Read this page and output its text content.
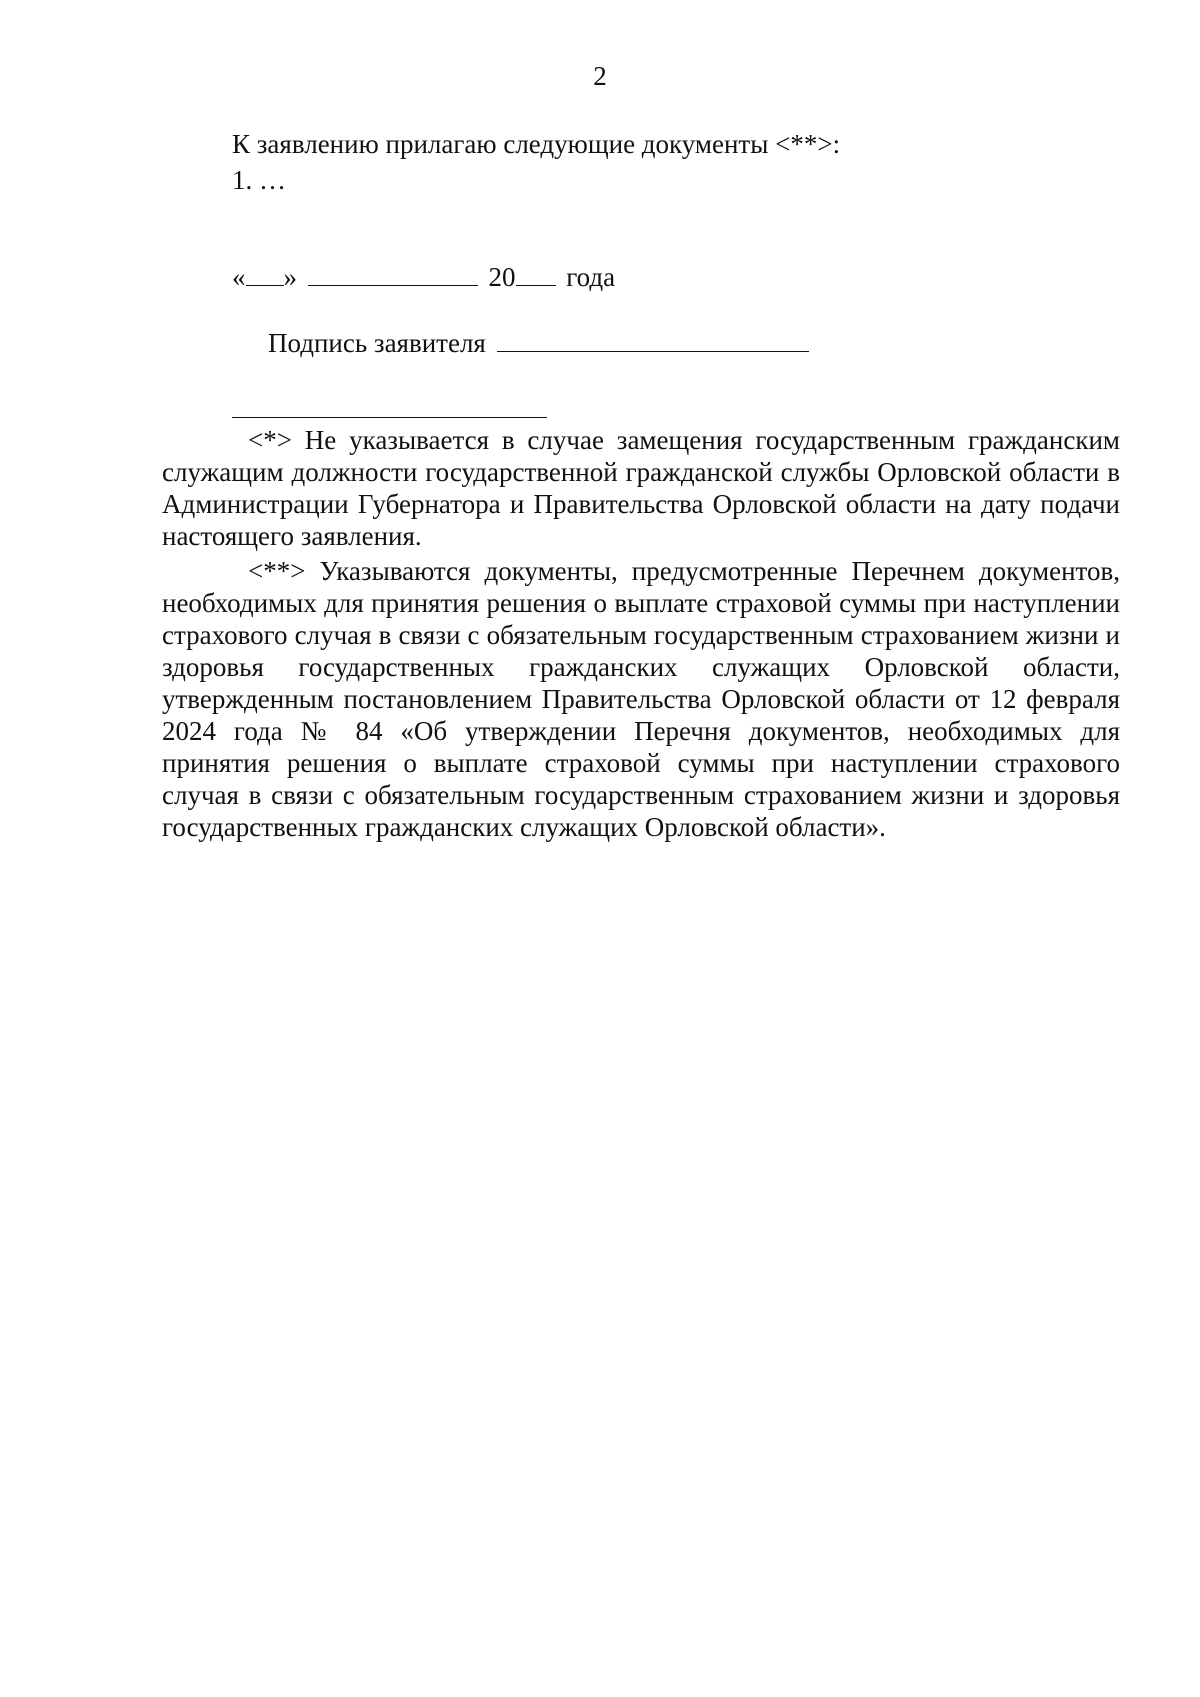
2
К заявлению прилагаю следующие документы <**>:
1. …
« »	20 года
Подпись заявителя
<*> Не указывается в случае замещения государственным гражданским служащим должности государственной гражданской службы Орловской области в Администрации Губернатора и Правительства Орловской области на дату подачи настоящего заявления.
<**> Указываются документы, предусмотренные Перечнем документов, необходимых для принятия решения о выплате страховой суммы при наступлении страхового случая в связи с обязательным государственным страхованием жизни и здоровья государственных гражданских служащих Орловской области, утвержденным постановлением Правительства Орловской области от 12 февраля 2024 года № 84 «Об утверждении Перечня документов, необходимых для принятия решения о выплате страховой суммы при наступлении страхового случая в связи с обязательным государственным страхованием жизни и здоровья государственных гражданских служащих Орловской области».
